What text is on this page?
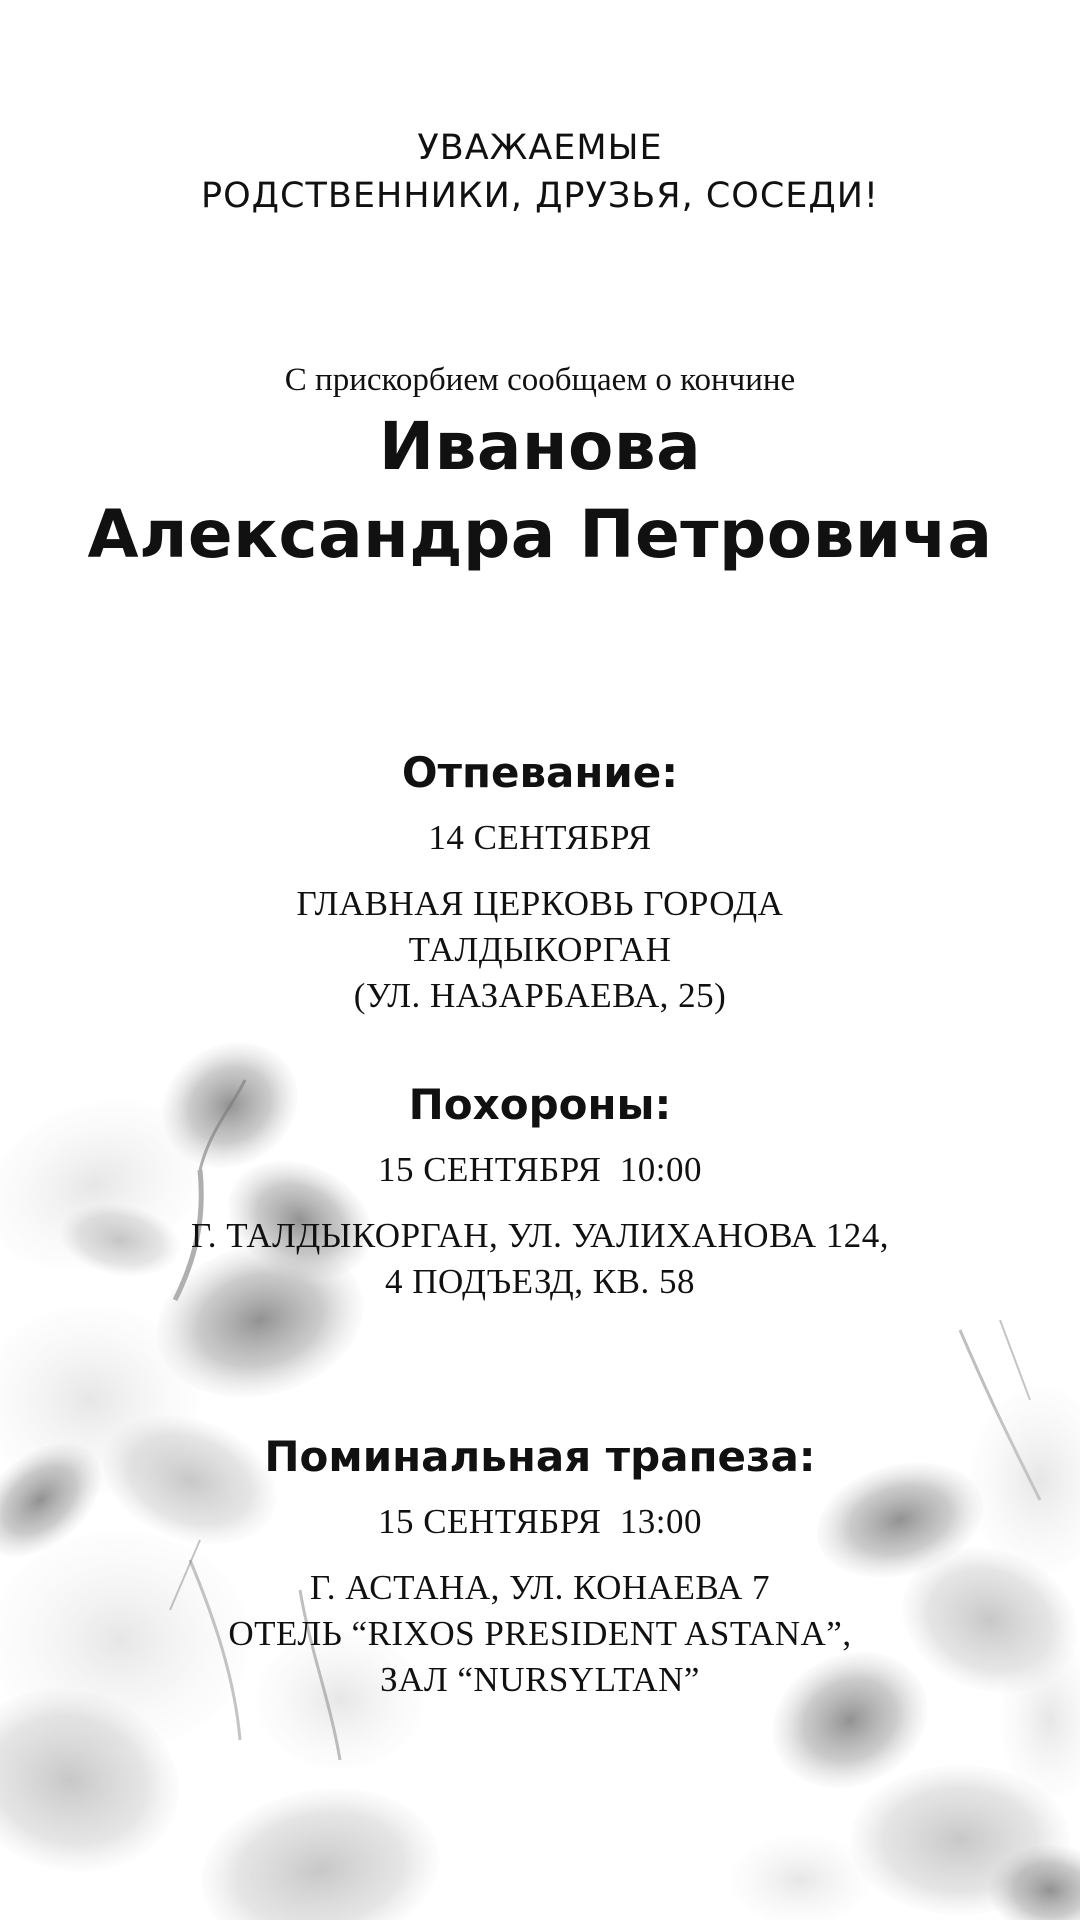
УВАЖАЕМЫЕ
РОДСТВЕННИКИ, ДРУЗЬЯ, СОСЕДИ!
С прискорбием сообщаем о кончине
Иванова
Александра Петровича
Отпевание:
14 СЕНТЯБРЯ
ГЛАВНАЯ ЦЕРКОВЬ ГОРОДА
ТАЛДЫКОРГАН
(УЛ. НАЗАРБАЕВА, 25)
Похороны:
15 СЕНТЯБРЯ  10:00
Г. ТАЛДЫКОРГАН, УЛ. УАЛИХАНОВА 124,
4 ПОДЪЕЗД, КВ. 58
Поминальная трапеза:
15 СЕНТЯБРЯ  13:00
Г. АСТАНА, УЛ. КОНАЕВА 7
ОТЕЛЬ “RIXOS PRESIDENT ASTANA”,
ЗАЛ “NURSYLTAN”
